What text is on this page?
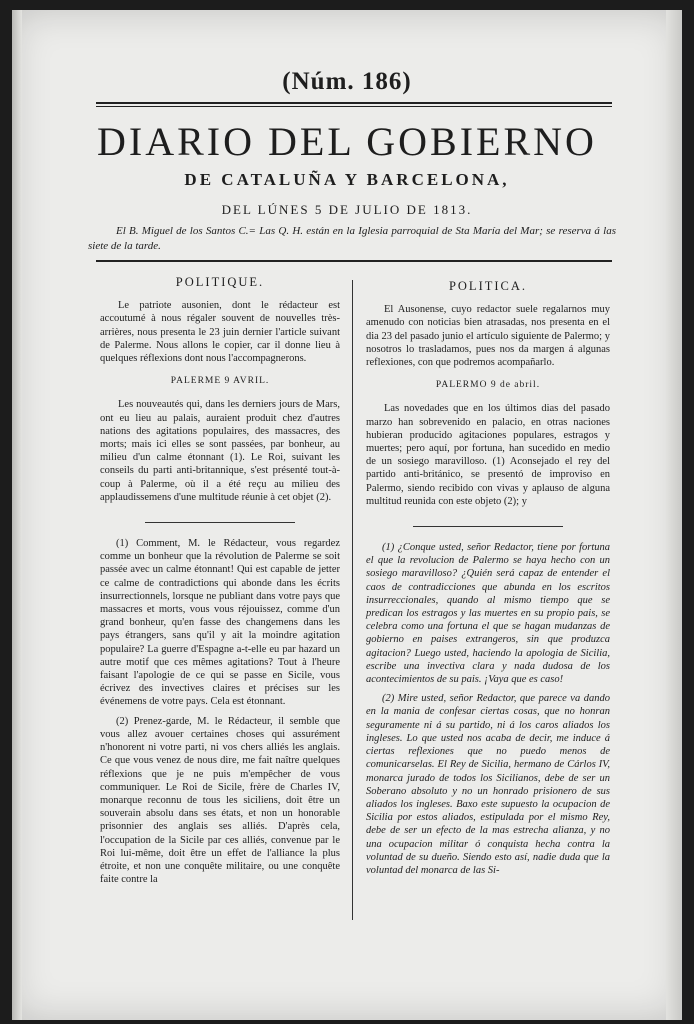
(Núm. 186)
DIARIO DEL GOBIERNO
DE CATALUÑA Y BARCELONA,
DEL LÚNES 5 DE JULIO DE 1813.
El B. Miguel de los Santos C.= Las Q. H. están en la Iglesia parroquial de Sta María del Mar; se reserva á las siete de la tarde.
POLITIQUE.

Le patriote ausonien, dont le rédacteur est accoutumé à nous régaler souvent de nouvelles très-arrières, nous presenta le 23 juin dernier l'article suivant de Palerme. Nous allons le copier, car il donne lieu à quelques réflexions dont nous l'accompagnerons.

PALERME 9 AVRIL.

Les nouveautés qui, dans les derniers jours de Mars, ont eu lieu au palais, auraient produit chez d'autres nations des agitations populaires, des massacres, des morts; mais ici elles se sont passées, par bonheur, au milieu d'un calme étonnant (1). Le Roi, suivant les conseils du parti anti-britannique, s'est présenté tout-à-coup à Palerme, où il a été reçu au milieu des applaudissemens d'une multitude réunie à cet objet (2).

(1) Comment, M. le Rédacteur, vous regardez comme un bonheur que la révolution de Palerme se soit passée avec un calme étonnant! Qui est capable de jetter ce calme de contradictions qui abonde dans les écrits insurrectionnels, lorsque ne publiant dans votre pays que massacres et morts, vous vous réjouissez, comme d'un grand bonheur, qu'en fasse des changemens dans les pays étrangers, sans qu'il y ait la moindre agitation populaire? La guerre d'Espagne a-t-elle eu par hazard un autre motif que ces mêmes agitations? Tout à l'heure faisant l'apologie de ce qui se passe en Sicile, vous écrivez des invectives claires et précises sur les événemens de votre pays. Cela est étonnant.

(2) Prenez-garde, M. le Rédacteur, il semble que vous allez avouer certaines choses qui assurément n'honorent ni votre parti, ni vos chers alliés les anglais. Ce que vous venez de nous dire, me fait naître quelques réflexions que je ne puis m'empêcher de vous communiquer. Le Roi de Sicile, frère de Charles IV, monarque reconnu de tous les siciliens, doit être un souverain absolu dans ses états, et non un honorable prisonnier des anglais ses alliés. D'après cela, l'occupation de la Sicile par ces alliés, convenue par le Roi lui-même, doit être un effet de l'alliance la plus étroite, et non une conquête militaire, ou une conquête faite contre la

POLITICA.

El Ausonense, cuyo redactor suele regalarnos muy amenudo con noticias bien atrasadas, nos presenta en el dia 23 del pasado junio el artículo siguiente de Palermo; y nosotros lo trasladamos, pues nos da margen á algunas reflexiones, con que podremos acompañarlo.

PALERMO 9 de abril.

Las novedades que en los últimos dias del pasado marzo han sobrevenido en palacio, en otras naciones hubieran producido agitaciones populares, estragos y muertes; pero aquí, por fortuna, han sucedido en medio de un sosiego maravilloso. (1) Aconsejado el rey del partido anti-británico, se presentó de improviso en Palermo, siendo recibido con vivas y aplauso de alguna multitud reunida con este objeto (2); y

(1) ¿Conque usted, señor Redactor, tiene por fortuna el que la revolucion de Palermo se haya hecho con un sosiego maravilloso? ¿Quién será capaz de entender el caos de contradicciones que abunda en los escritos insurreccionales, quando al mismo tiempo que se predican los estragos y las muertes en su propio pais, se celebra como una fortuna el que se hagan mudanzas de gobierno en paises extrangeros, sin que produzca agitacion? Luego usted, haciendo la apologia de Sicilia, escribe una invectiva clara y nada dudosa de los acontecimientos de su pais. ¡Vaya que es caso!

(2) Mire usted, señor Redactor, que parece va dando en la mania de confesar ciertas cosas, que no honran seguramente ni á su partido, ni á los caros aliados los ingleses. Lo que usted nos acaba de decir, me induce á ciertas reflexiones que no puedo menos de comunicarselas. El Rey de Sicilia, hermano de Cárlos IV, monarca jurado de todos los Sicilianos, debe de ser un Soberano absoluto y no un honrado prisionero de sus aliados los ingleses. Baxo este supuesto la ocupacion de Sicilia por estos aliados, estipulada por el mismo Rey, debe de ser un efecto de la mas estrecha alianza, y no una ocupacion militar ó conquista hecha contra la voluntad de su dueño. Siendo esto así, nadie duda que la voluntad del monarca de las Si-
